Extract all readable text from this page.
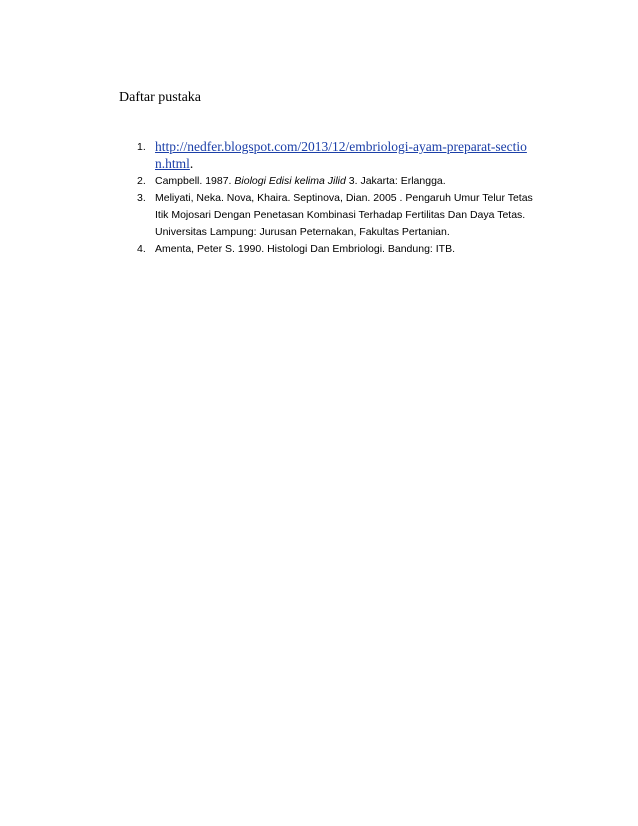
Daftar pustaka
1. http://nedfer.blogspot.com/2013/12/embriologi-ayam-preparat-section.html.
2. Campbell. 1987. Biologi Edisi kelima Jilid 3. Jakarta: Erlangga.
3. Meliyati, Neka. Nova, Khaira. Septinova, Dian. 2005 . Pengaruh Umur Telur Tetas Itik Mojosari Dengan Penetasan Kombinasi Terhadap Fertilitas Dan Daya Tetas. Universitas Lampung: Jurusan Peternakan, Fakultas Pertanian.
4. Amenta, Peter S. 1990. Histologi Dan Embriologi. Bandung: ITB.
